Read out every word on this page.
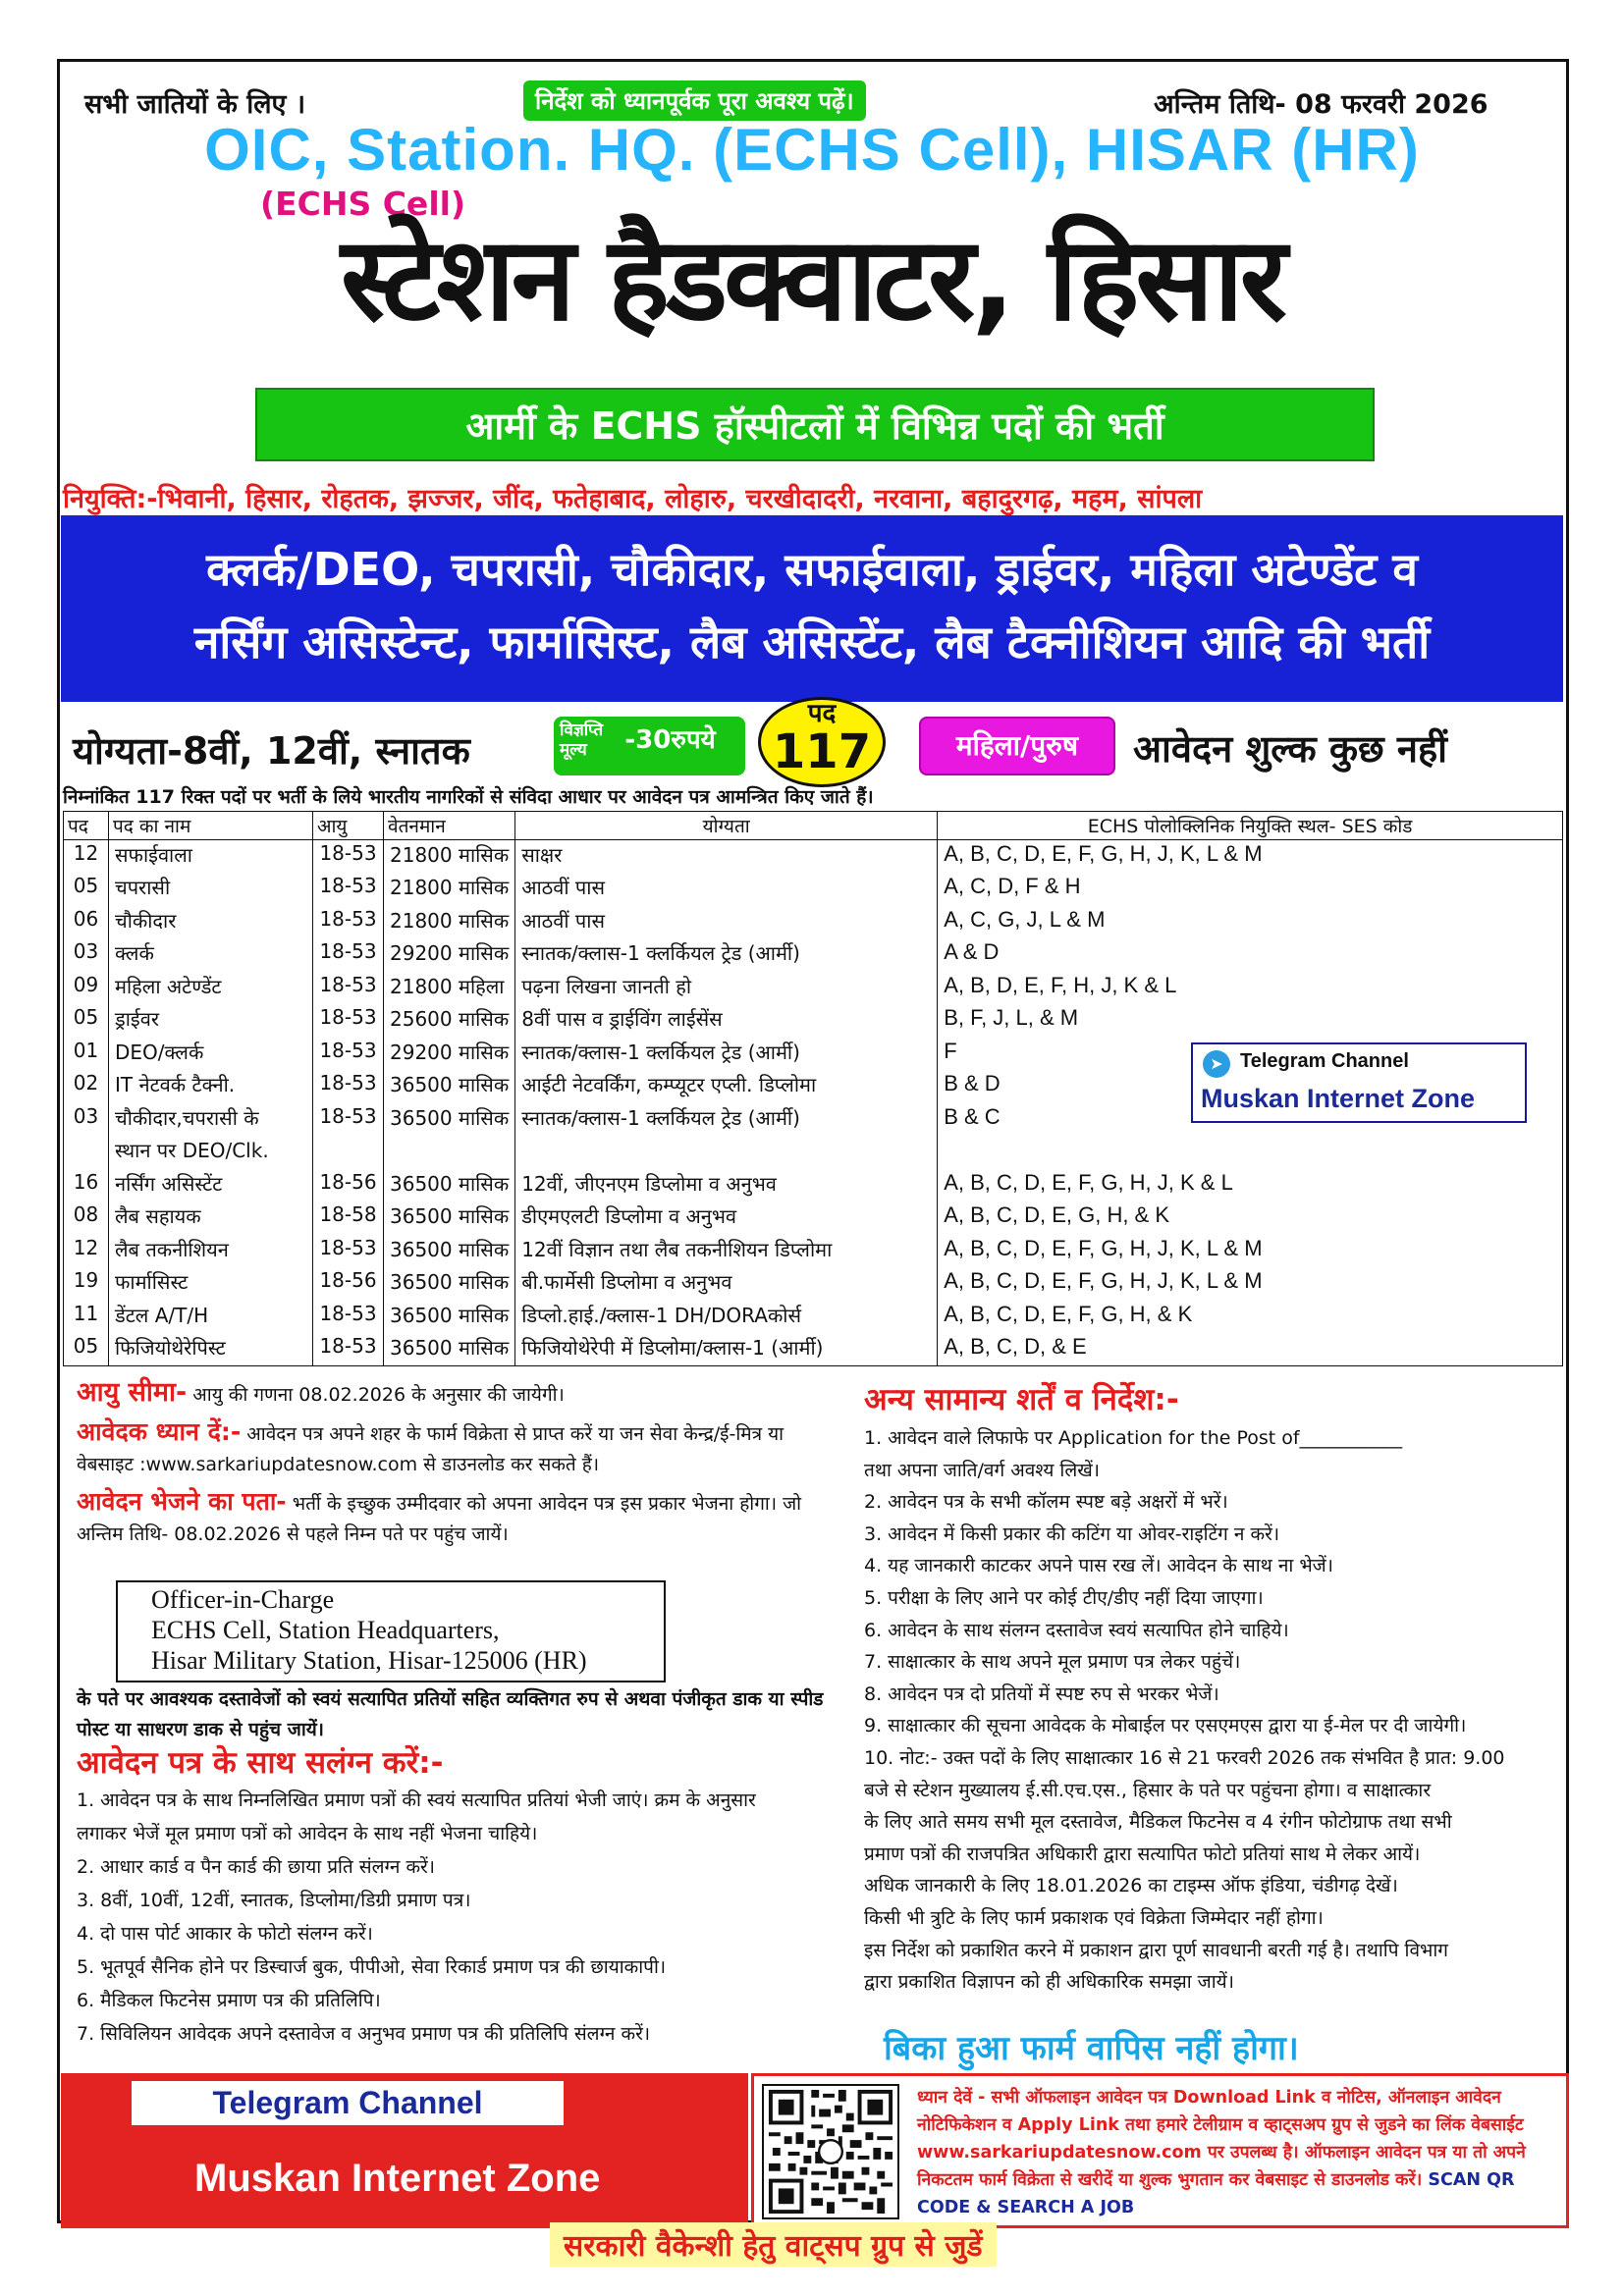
सभी जातियों के लिए ।	निर्देश को ध्यानपूर्वक पूरा अवश्य पढ़ें।	अन्तिम तिथि- 08 फरवरी 2026
OIC, Station. HQ. (ECHS Cell), HISAR (HR)
(ECHS Cell)
स्टेशन हैडक्वाटर, हिसार
आर्मी के ECHS हॉस्पीटलों में विभिन्न पदों की भर्ती
नियुक्ति:-भिवानी, हिसार, रोहतक, झज्जर, जींद, फतेहाबाद, लोहारु, चरखीदादरी, नरवाना, बहादुरगढ़, महम, सांपला
क्लर्क/DEO, चपरासी, चौकीदार, सफाईवाला, ड्राईवर, महिला अटेण्डेंट व
नर्सिंग असिस्टेन्ट, फार्मासिस्ट, लैब असिस्टेंट, लैब टैक्नीशियन आदि की भर्ती
योग्यता-8वीं, 12वीं, स्नातक	विज्ञप्ति मूल्य -30रुपये
पद
117	महिला/पुरुष	आवेदन शुल्क कुछ नहीं
निम्नांकित 117 रिक्त पदों पर भर्ती के लिये भारतीय नागरिकों से संविदा आधार पर आवेदन पत्र आमन्त्रित किए जाते हैं।
पद	पद का नाम	आयु	वेतनमान	योग्यता	ECHS पोलोक्लिनिक नियुक्ति स्थल- SES कोड
12	सफाईवाला	18-53	21800 मासिक	साक्षर	A, B, C, D, E, F, G, H, J, K, L & M
05	चपरासी	18-53	21800 मासिक	आठवीं पास	A, C, D, F & H
06	चौकीदार	18-53	21800 मासिक	आठवीं पास	A, C, G, J, L & M
03	क्लर्क	18-53	29200 मासिक	स्नातक/क्लास-1 क्लर्कियल ट्रेड (आर्मी)	A & D
09	महिला अटेण्डेंट	18-53	21800 महिला	पढ़ना लिखना जानती हो	A, B, D, E, F, H, J, K & L
05	ड्राईवर	18-53	25600 मासिक	8वीं पास व ड्राईविंग लाईसेंस	B, F, J, L, & M
01	DEO/क्लर्क	18-53	29200 मासिक	स्नातक/क्लास-1 क्लर्कियल ट्रेड (आर्मी)	F
02	IT नेटवर्क टैक्नी.	18-53	36500 मासिक	आईटी नेटवर्किंग, कम्प्यूटर एप्ली. डिप्लोमा	B & D
03	चौकीदार,चपरासी के	18-53	36500 मासिक	स्नातक/क्लास-1 क्लर्कियल ट्रेड (आर्मी)	B & C
	स्थान पर DEO/Clk.				
16	नर्सिंग असिस्टेंट	18-56	36500 मासिक	12वीं, जीएनएम डिप्लोमा व अनुभव	A, B, C, D, E, F, G, H, J, K & L
08	लैब सहायक	18-58	36500 मासिक	डीएमएलटी डिप्लोमा व अनुभव	A, B, C, D, E, G, H, & K
12	लैब तकनीशियन	18-53	36500 मासिक	12वीं विज्ञान तथा लैब तकनीशियन डिप्लोमा	A, B, C, D, E, F, G, H, J, K, L & M
19	फार्मासिस्ट	18-56	36500 मासिक	बी.फार्मेसी डिप्लोमा व अनुभव	A, B, C, D, E, F, G, H, J, K, L & M
11	डेंटल A/T/H	18-53	36500 मासिक	डिप्लो.हाई./क्लास-1 DH/DORAकोर्स	A, B, C, D, E, F, G, H, & K
05	फिजियोथेरेपिस्ट	18-53	36500 मासिक	फिजियोथेरेपी में डिप्लोमा/क्लास-1 (आर्मी)	A, B, C, D, & E
➤ Telegram Channel
Muskan Internet Zone
आयु सीमा- आयु की गणना 08.02.2026 के अनुसार की जायेगी।
आवेदक ध्यान दें:- आवेदन पत्र अपने शहर के फार्म विक्रेता से प्राप्त करें या जन सेवा केन्द्र/ई-मित्र या वेबसाइट :www.sarkariupdatesnow.com से डाउनलोड कर सकते हैं।
आवेदन भेजने का पता- भर्ती के इच्छुक उम्मीदवार को अपना आवेदन पत्र इस प्रकार भेजना होगा। जो अन्तिम तिथि- 08.02.2026 से पहले निम्न पते पर पहुंच जायें।
Officer-in-Charge
ECHS Cell, Station Headquarters,
Hisar Military Station, Hisar-125006 (HR)
के पते पर आवश्यक दस्तावेजों को स्वयं सत्यापित प्रतियों सहित व्यक्तिगत रुप से अथवा पंजीकृत डाक या स्पीड पोस्ट या साधरण डाक से पहुंच जायें।
आवेदन पत्र के साथ सलंग्न करें:-
1. आवेदन पत्र के साथ निम्नलिखित प्रमाण पत्रों की स्वयं सत्यापित प्रतियां भेजी जाएं। क्रम के अनुसार
लगाकर भेजें मूल प्रमाण पत्रों को आवेदन के साथ नहीं भेजना चाहिये।
2. आधार कार्ड व पैन कार्ड की छाया प्रति संलग्न करें।
3. 8वीं, 10वीं, 12वीं, स्नातक, डिप्लोमा/डिग्री प्रमाण पत्र।
4. दो पास पोर्ट आकार के फोटो संलग्न करें।
5. भूतपूर्व सैनिक होने पर डिस्चार्ज बुक, पीपीओ, सेवा रिकार्ड प्रमाण पत्र की छायाकापी।
6. मैडिकल फिटनेस प्रमाण पत्र की प्रतिलिपि।
7. सिविलियन आवेदक अपने दस्तावेज व अनुभव प्रमाण पत्र की प्रतिलिपि संलग्न करें।
अन्य सामान्य शर्तें व निर्देश:-
1. आवेदन वाले लिफाफे पर Application for the Post of___________
तथा अपना जाति/वर्ग अवश्य लिखें।
2. आवेदन पत्र के सभी कॉलम स्पष्ट बड़े अक्षरों में भरें।
3. आवेदन में किसी प्रकार की कटिंग या ओवर-राइटिंग न करें।
4. यह जानकारी काटकर अपने पास रख लें। आवेदन के साथ ना भेजें।
5. परीक्षा के लिए आने पर कोई टीए/डीए नहीं दिया जाएगा।
6. आवेदन के साथ संलग्न दस्तावेज स्वयं सत्यापित होने चाहिये।
7. साक्षात्कार के साथ अपने मूल प्रमाण पत्र लेकर पहुंचें।
8. आवेदन पत्र दो प्रतियों में स्पष्ट रुप से भरकर भेजें।
9. साक्षात्कार की सूचना आवेदक के मोबाईल पर एसएमएस द्वारा या ई-मेल पर दी जायेगी।
10. नोट:- उक्त पदों के लिए साक्षात्कार 16 से 21 फरवरी 2026 तक संभवित है प्रात: 9.00
बजे से स्टेशन मुख्यालय ई.सी.एच.एस., हिसार के पते पर पहुंचना होगा। व साक्षात्कार
के लिए आते समय सभी मूल दस्तावेज, मैडिकल फिटनेस व 4 रंगीन फोटोग्राफ तथा सभी
प्रमाण पत्रों की राजपत्रित अधिकारी द्वारा सत्यापित फोटो प्रतियां साथ मे लेकर आयें।
अधिक जानकारी के लिए 18.01.2026 का टाइम्स ऑफ इंडिया, चंडीगढ़ देखें।
किसी भी त्रुटि के लिए फार्म प्रकाशक एवं विक्रेता जिम्मेदार नहीं होगा।
इस निर्देश को प्रकाशित करने में प्रकाशन द्वारा पूर्ण सावधानी बरती गई है। तथापि विभाग
द्वारा प्रकाशित विज्ञापन को ही अधिकारिक समझा जायें।
बिका हुआ फार्म वापिस नहीं होगा।
Telegram Channel
Muskan Internet Zone
ध्यान देवें - सभी ऑफलाइन आवेदन पत्र Download Link व नोटिस, ऑनलाइन आवेदन नोटिफिकेशन व Apply Link तथा हमारे टेलीग्राम व व्हाट्सअप ग्रुप से जुडने का लिंक वेबसाईट www.sarkariupdatesnow.com पर उपलब्ध है। ऑफलाइन आवेदन पत्र या तो अपने निकटतम फार्म विक्रेता से खरीदें या शुल्क भुगतान कर वेबसाइट से डाउनलोड करें। SCAN QR CODE & SEARCH A JOB
सरकारी वैकेन्शी हेतु वाट्सप ग्रुप से जुडें
